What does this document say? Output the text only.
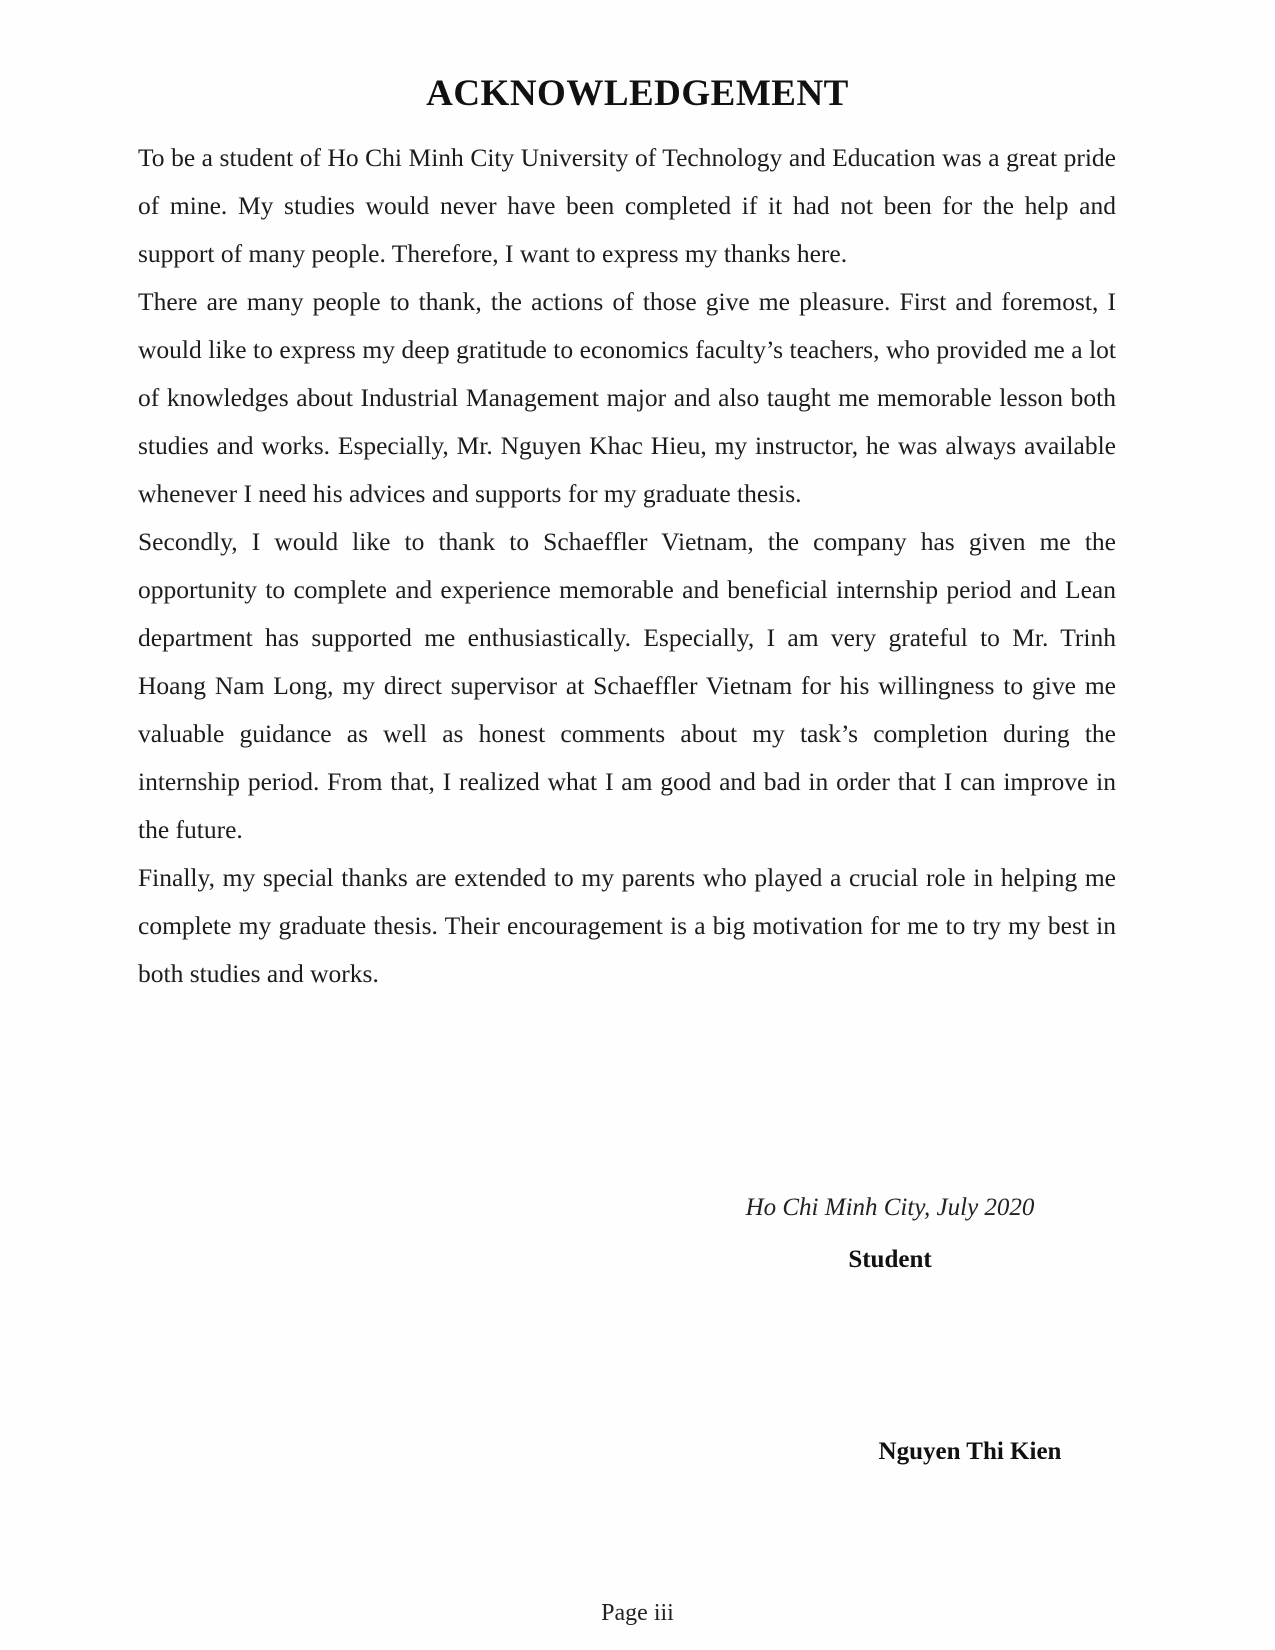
ACKNOWLEDGEMENT

To be a student of Ho Chi Minh City University of Technology and Education was a great pride of mine. My studies would never have been completed if it had not been for the help and support of many people. Therefore, I want to express my thanks here.

There are many people to thank, the actions of those give me pleasure. First and foremost, I would like to express my deep gratitude to economics faculty’s teachers, who provided me a lot of knowledges about Industrial Management major and also taught me memorable lesson both studies and works. Especially, Mr. Nguyen Khac Hieu, my instructor, he was always available whenever I need his advices and supports for my graduate thesis.

Secondly, I would like to thank to Schaeffler Vietnam, the company has given me the opportunity to complete and experience memorable and beneficial internship period and Lean department has supported me enthusiastically. Especially, I am very grateful to Mr. Trinh Hoang Nam Long, my direct supervisor at Schaeffler Vietnam for his willingness to give me valuable guidance as well as honest comments about my task’s completion during the internship period. From that, I realized what I am good and bad in order that I can improve in the future.

Finally, my special thanks are extended to my parents who played a crucial role in helping me complete my graduate thesis. Their encouragement is a big motivation for me to try my best in both studies and works.

Ho Chi Minh City, July 2020
Student
Nguyen Thi Kien
Page iii
